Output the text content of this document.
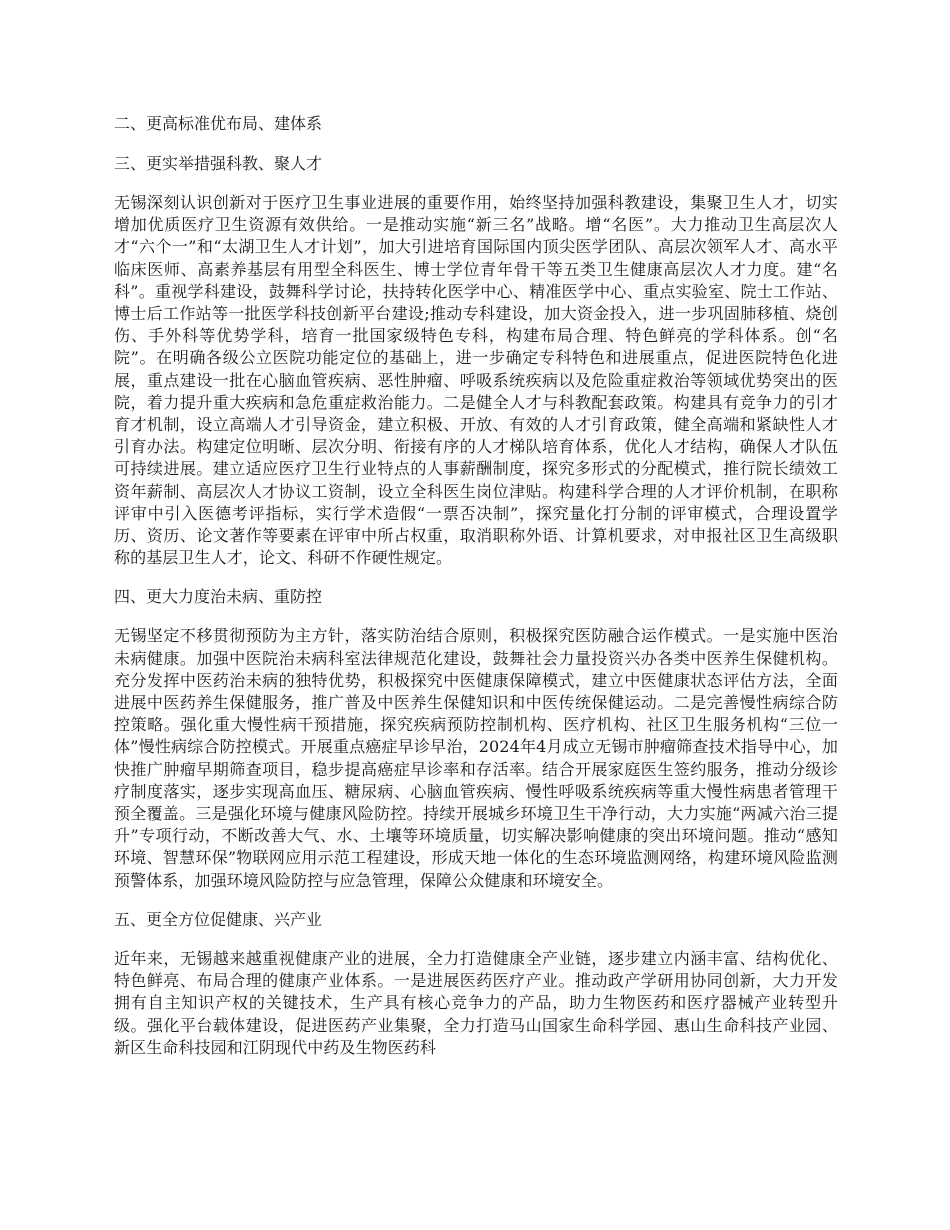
二、更高标准优布局、建体系
三、更实举措强科教、聚人才

无锡深刻认识创新对于医疗卫生事业进展的重要作用，始终坚持加强科教建设，集聚卫生人才，切实增加优质医疗卫生资源有效供给。一是推动实施“新三名”战略。增“名医”。大力推动卫生高层次人才“六个一”和“太湖卫生人才计划”，加大引进培育国际国内顶尖医学团队、高层次领军人才、高水平临床医师、高素养基层有用型全科医生、博士学位青年骨干等五类卫生健康高层次人才力度。建“名科”。重视学科建设，鼓舞科学讨论，扶持转化医学中心、精准医学中心、重点实验室、院士工作站、博士后工作站等一批医学科技创新平台建设;推动专科建设，加大资金投入，进一步巩固肺移植、烧创伤、手外科等优势学科，培育一批国家级特色专科，构建布局合理、特色鲜亮的学科体系。创“名院”。在明确各级公立医院功能定位的基础上，进一步确定专科特色和进展重点，促进医院特色化进展，重点建设一批在心脑血管疾病、恶性肿瘤、呼吸系统疾病以及危险重症救治等领域优势突出的医院，着力提升重大疾病和急危重症救治能力。二是健全人才与科教配套政策。构建具有竞争力的引才育才机制，设立高端人才引导资金，建立积极、开放、有效的人才引育政策，健全高端和紧缺性人才引育办法。构建定位明晰、层次分明、衔接有序的人才梯队培育体系，优化人才结构，确保人才队伍可持续进展。建立适应医疗卫生行业特点的人事薪酬制度，探究多形式的分配模式，推行院长绩效工资年薪制、高层次人才协议工资制，设立全科医生岗位津贴。构建科学合理的人才评价机制，在职称评审中引入医德考评指标，实行学术造假“一票否决制”，探究量化打分制的评审模式，合理设置学历、资历、论文著作等要素在评审中所占权重，取消职称外语、计算机要求，对申报社区卫生高级职称的基层卫生人才，论文、科研不作硬性规定。

四、更大力度治未病、重防控

无锡坚定不移贯彻预防为主方针，落实防治结合原则，积极探究医防融合运作模式。一是实施中医治未病健康。加强中医院治未病科室法律规范化建设，鼓舞社会力量投资兴办各类中医养生保健机构。充分发挥中医药治未病的独特优势，积极探究中医健康保障模式，建立中医健康状态评估方法，全面进展中医药养生保健服务，推广普及中医养生保健知识和中医传统保健运动。二是完善慢性病综合防控策略。强化重大慢性病干预措施，探究疾病预防控制机构、医疗机构、社区卫生服务机构“三位一体”慢性病综合防控模式。开展重点癌症早诊早治，2024年4月成立无锡市肿瘤筛查技术指导中心，加快推广肿瘤早期筛查项目，稳步提高癌症早诊率和存活率。结合开展家庭医生签约服务，推动分级诊疗制度落实，逐步实现高血压、糖尿病、心脑血管疾病、慢性呼吸系统疾病等重大慢性病患者管理干预全覆盖。三是强化环境与健康风险防控。持续开展城乡环境卫生干净行动，大力实施“两减六治三提升”专项行动，不断改善大气、水、土壤等环境质量，切实解决影响健康的突出环境问题。推动“感知环境、智慧环保”物联网应用示范工程建设，形成天地一体化的生态环境监测网络，构建环境风险监测预警体系，加强环境风险防控与应急管理，保障公众健康和环境安全。

五、更全方位促健康、兴产业

近年来，无锡越来越重视健康产业的进展，全力打造健康全产业链，逐步建立内涵丰富、结构优化、特色鲜亮、布局合理的健康产业体系。一是进展医药医疗产业。推动政产学研用协同创新，大力开发拥有自主知识产权的关键技术，生产具有核心竞争力的产品，助力生物医药和医疗器械产业转型升级。强化平台载体建设，促进医药产业集聚，全力打造马山国家生命科学园、惠山生命科技产业园、新区生命科技园和江阴现代中药及生物医药科
